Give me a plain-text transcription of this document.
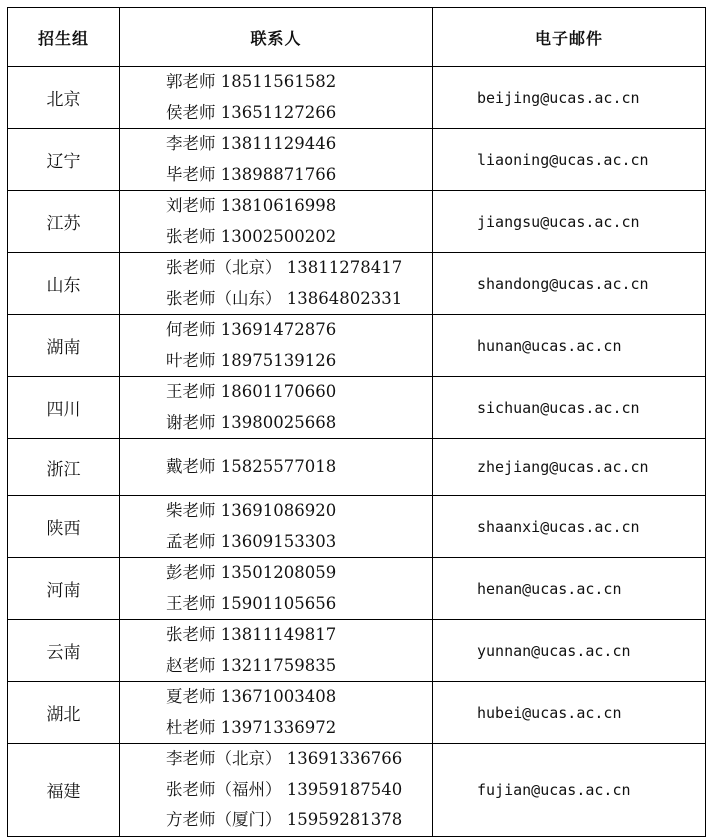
招生组	联系人	电子邮件
北京	郭老师 18511561582
侯老师 13651127266	beijing@ucas.ac.cn
辽宁	李老师 13811129446
毕老师 13898871766	liaoning@ucas.ac.cn
江苏	刘老师 13810616998
张老师 13002500202	jiangsu@ucas.ac.cn
山东	张老师（北京） 13811278417
张老师（山东） 13864802331	shandong@ucas.ac.cn
湖南	何老师 13691472876
叶老师 18975139126	hunan@ucas.ac.cn
四川	王老师 18601170660
谢老师 13980025668	sichuan@ucas.ac.cn
浙江	戴老师 15825577018	zhejiang@ucas.ac.cn
陕西	柴老师 13691086920
孟老师 13609153303	shaanxi@ucas.ac.cn
河南	彭老师 13501208059
王老师 15901105656	henan@ucas.ac.cn
云南	张老师 13811149817
赵老师 13211759835	yunnan@ucas.ac.cn
湖北	夏老师 13671003408
杜老师 13971336972	hubei@ucas.ac.cn
福建	李老师（北京） 13691336766
张老师（福州） 13959187540
方老师（厦门） 15959281378	fujian@ucas.ac.cn
